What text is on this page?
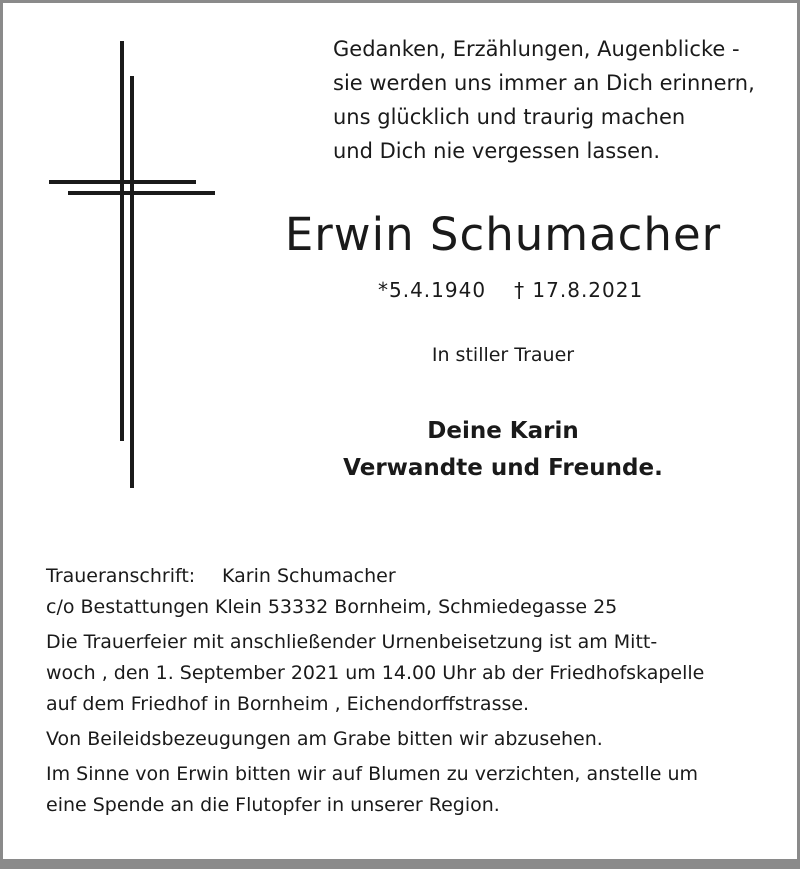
Gedanken, Erzählungen, Augenblicke -
sie werden uns immer an Dich erinnern,
uns glücklich und traurig machen
und Dich nie vergessen lassen.
Erwin Schumacher
*5.4.1940 † 17.8.2021
In stiller Trauer
Deine Karin
Verwandte und Freunde.
Traueranschrift: Karin Schumacher
c/o Bestattungen Klein 53332 Bornheim, Schmiedegasse 25
Die Trauerfeier mit anschließender Urnenbeisetzung ist am Mitt-
woch , den 1. September 2021 um 14.00 Uhr ab der Friedhofskapelle
auf dem Friedhof in Bornheim , Eichendorffstrasse.
Von Beileidsbezeugungen am Grabe bitten wir abzusehen.
Im Sinne von Erwin bitten wir auf Blumen zu verzichten, anstelle um
eine Spende an die Flutopfer in unserer Region.
